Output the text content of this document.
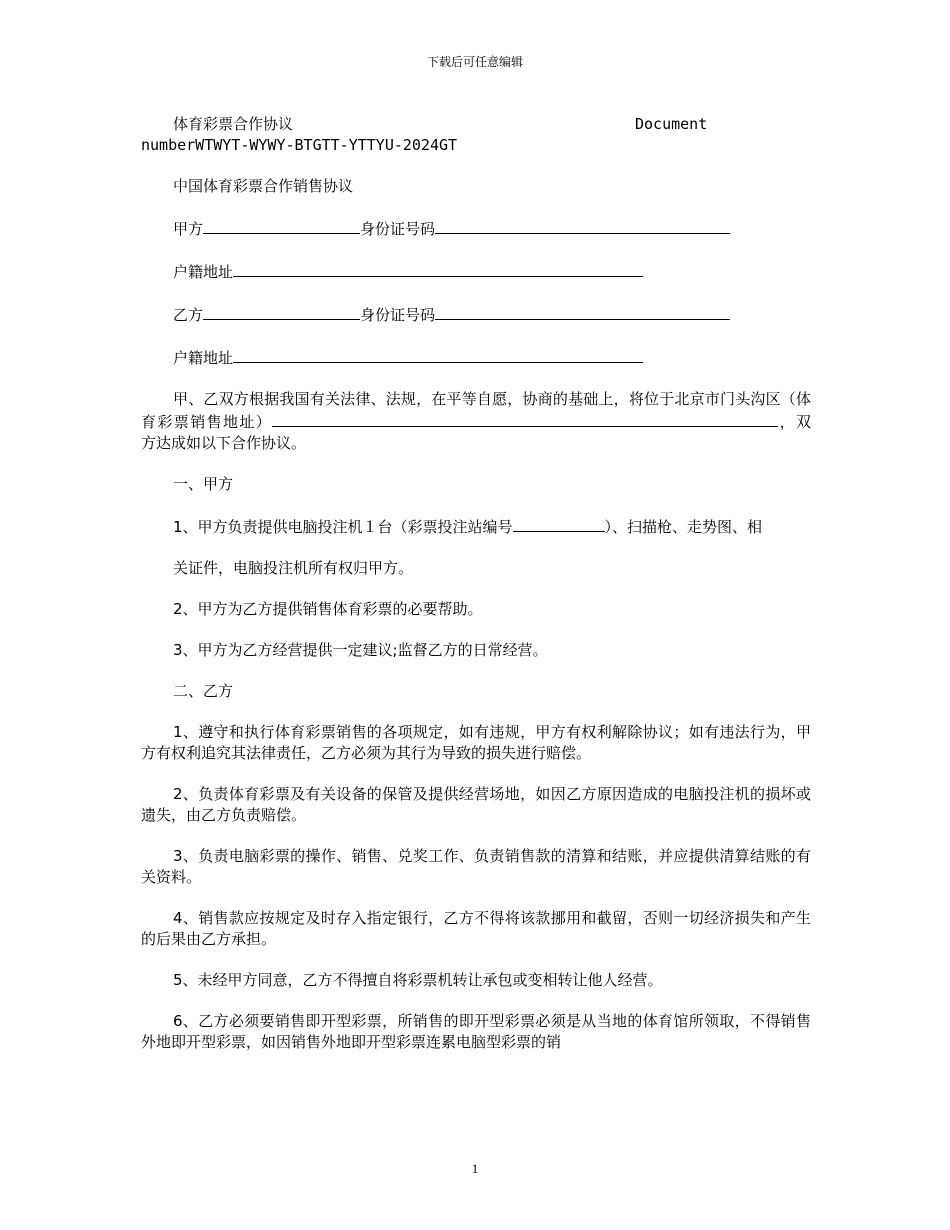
下载后可任意编辑
体育彩票合作协议	Document
numberWTWYT-WYWY-BTGTT-YTTYU-2024GT

中国体育彩票合作销售协议

甲方	身份证号码

户籍地址

乙方	身份证号码

户籍地址

甲、乙双方根据我国有关法律、法规，在平等自愿，协商的基础上，将位于北京市门头沟区（体育彩票销售地址）	，双方达成如以下合作协议。

一、甲方

1、甲方负责提供电脑投注机１台（彩票投注站编号	）、扫描枪、走势图、相

关证件，电脑投注机所有权归甲方。

2、甲方为乙方提供销售体育彩票的必要帮助。

3、甲方为乙方经营提供一定建议;监督乙方的日常经营。

二、乙方

1、遵守和执行体育彩票销售的各项规定，如有违规，甲方有权利解除协议；如有违法行为，甲方有权利追究其法律责任，乙方必须为其行为导致的损失进行赔偿。

2、负责体育彩票及有关设备的保管及提供经营场地，如因乙方原因造成的电脑投注机的损坏或遗失，由乙方负责赔偿。

3、负责电脑彩票的操作、销售、兑奖工作、负责销售款的清算和结账，并应提供清算结账的有关资料。

4、销售款应按规定及时存入指定银行，乙方不得将该款挪用和截留，否则一切经济损失和产生的后果由乙方承担。

5、未经甲方同意，乙方不得擅自将彩票机转让承包或变相转让他人经营。

6、乙方必须要销售即开型彩票，所销售的即开型彩票必须是从当地的体育馆所领取，不得销售外地即开型彩票，如因销售外地即开型彩票连累电脑型彩票的销

1
